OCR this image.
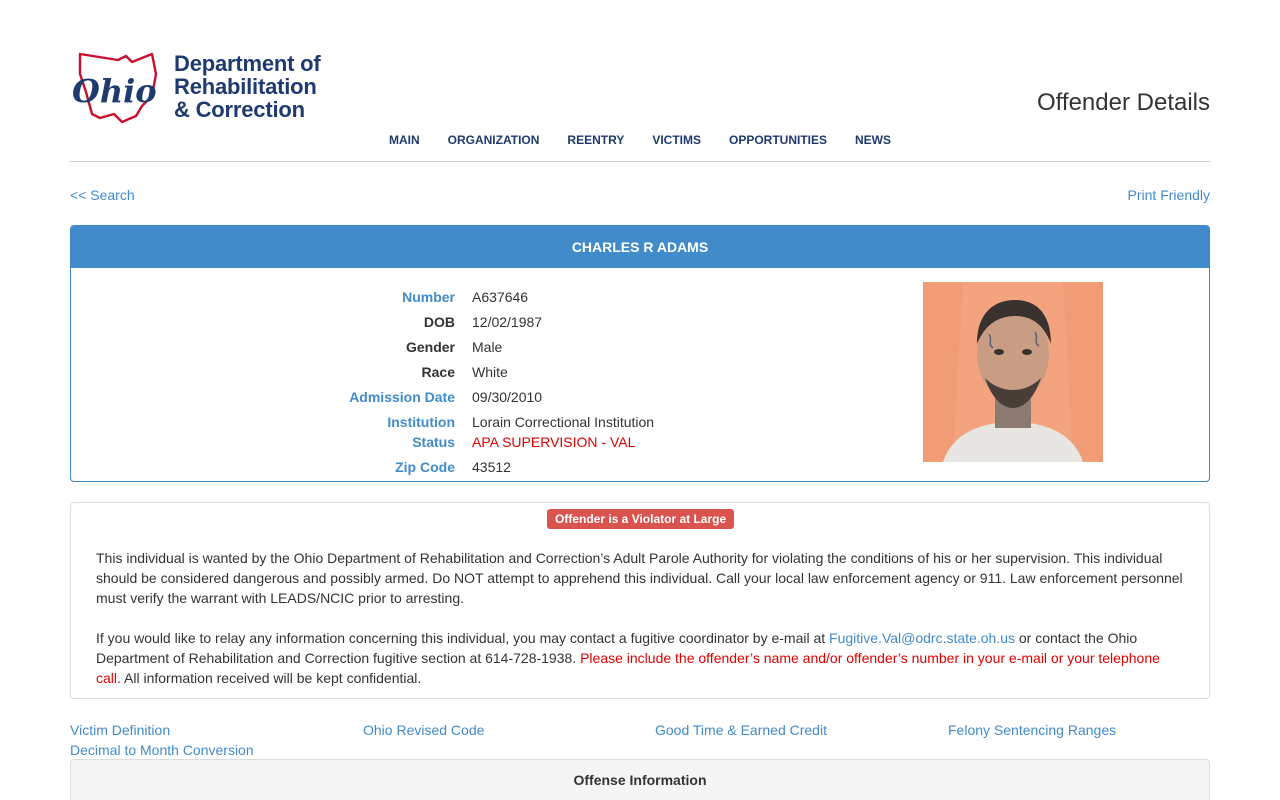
Ohio
Department of
Rehabilitation
& Correction	Offender Details
MAIN ORGANIZATION REENTRY VICTIMS OPPORTUNITIES NEWS
<< Search	Print Friendly
CHARLES R ADAMS
Number A637646
DOB 12/02/1987
Gender Male
Race White
Admission Date 09/30/2010
Institution Lorain Correctional Institution
Status APA SUPERVISION - VAL
Zip Code 43512
Offender is a Violator at Large

This individual is wanted by the Ohio Department of Rehabilitation and Correction’s Adult Parole Authority for violating the conditions of his or her supervision. This individual should be considered dangerous and possibly armed. Do NOT attempt to apprehend this individual. Call your local law enforcement agency or 911. Law enforcement personnel must verify the warrant with LEADS/NCIC prior to arresting.

If you would like to relay any information concerning this individual, you may contact a fugitive coordinator by e-mail at Fugitive.Val@odrc.state.oh.us or contact the Ohio Department of Rehabilitation and Correction fugitive section at 614-728-1938. Please include the offender’s name and/or offender’s number in your e-mail or your telephone call. All information received will be kept confidential.

Victim Definition	Ohio Revised Code	Good Time & Earned Credit	Felony Sentencing Ranges
Decimal to Month Conversion
Offense Information
